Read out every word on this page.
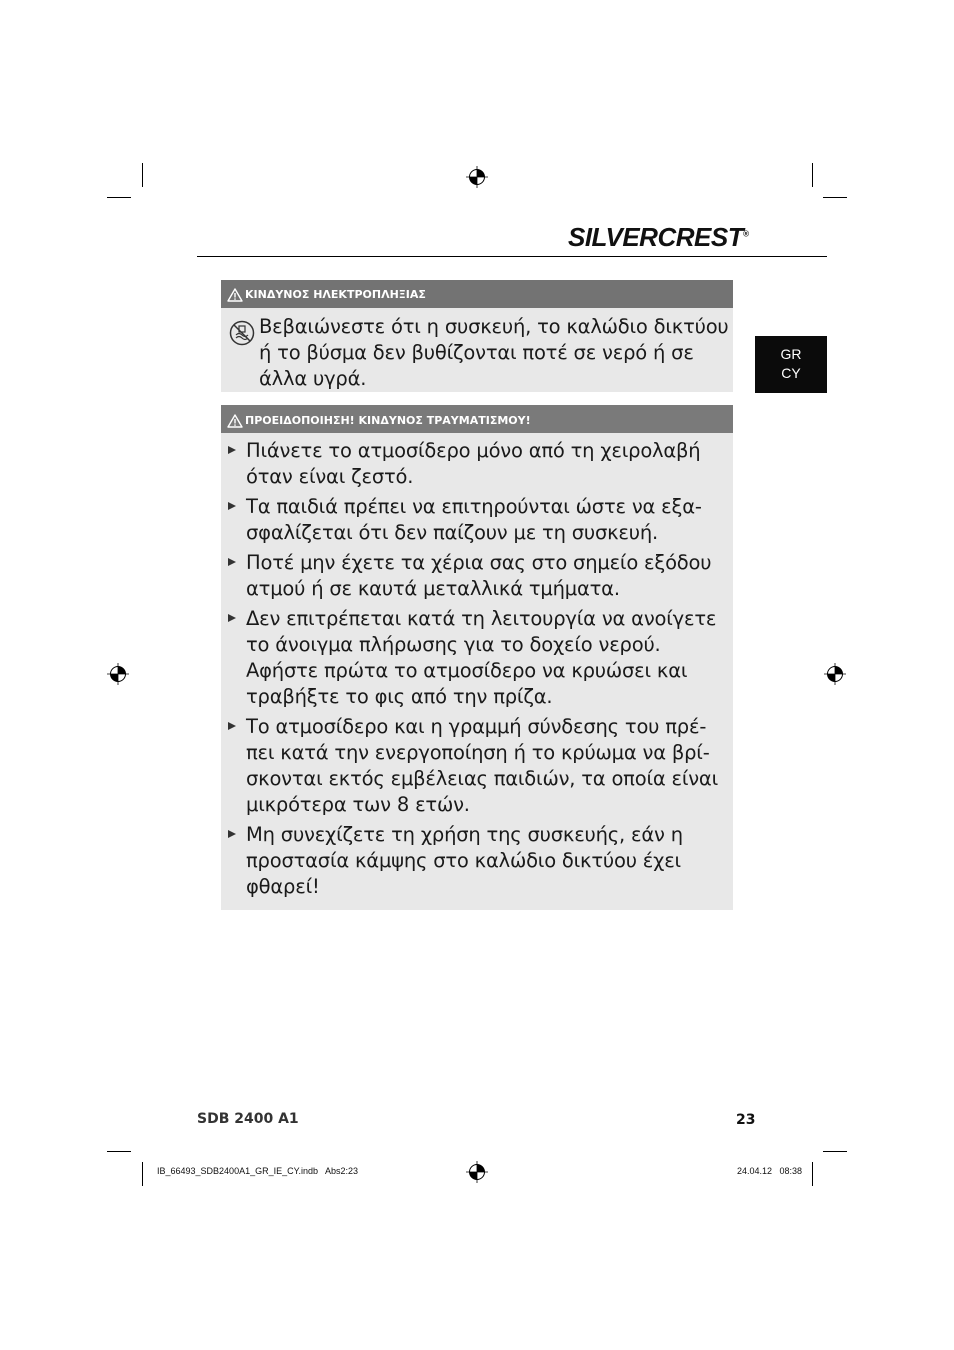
SILVERCREST®
GR
CY
ΚΙΝΔΥΝΟΣ ΗΛΕΚΤΡΟΠΛΗΞΙΑΣ
Βεβαιώνεστε ότι η συσκευή, το καλώδιο δικτύου ή το βύσμα δεν βυθίζονται ποτέ σε νερό ή σε άλλα υγρά.
ΠΡΟΕΙΔΟΠΟΙΗΣΗ! ΚΙΝΔΥΝΟΣ ΤΡΑΥΜΑΤΙΣΜΟΥ!
Πιάνετε το ατμοσίδερο μόνο από τη χειρολαβή όταν είναι ζεστό.
Τα παιδιά πρέπει να επιτηρούνται ώστε να εξα-σφαλίζεται ότι δεν παίζουν με τη συσκευή.
Ποτέ μην έχετε τα χέρια σας στο σημείο εξόδου ατμού ή σε καυτά μεταλλικά τμήματα.
Δεν επιτρέπεται κατά τη λειτουργία να ανοίγετε το άνοιγμα πλήρωσης για το δοχείο νερού. Αφήστε πρώτα το ατμοσίδερο να κρυώσει και τραβήξτε το φις από την πρίζα.
Το ατμοσίδερο και η γραμμή σύνδεσης του πρέ-πει κατά την ενεργοποίηση ή το κρύωμα να βρί-σκονται εκτός εμβέλειας παιδιών, τα οποία είναι μικρότερα των 8 ετών.
Μη συνεχίζετε τη χρήση της συσκευής, εάν η προστασία κάμψης στο καλώδιο δικτύου έχει φθαρεί!
SDB 2400 A1	23
IB_66493_SDB2400A1_GR_IE_CY.indb   Abs2:23	24.04.12   08:38
